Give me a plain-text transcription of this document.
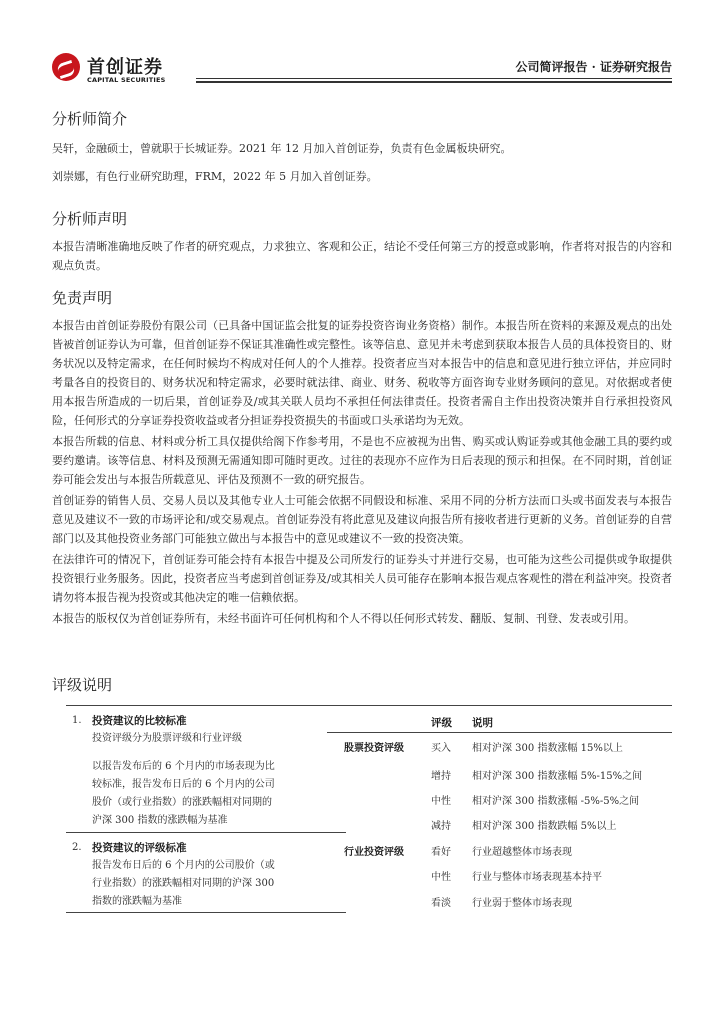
首创证券
CAPITAL SECURITIES
公司简评报告 · 证券研究报告
分析师简介

吴轩，金融硕士，曾就职于长城证券。2021 年 12 月加入首创证券，负责有色金属板块研究。

刘崇娜，有色行业研究助理，FRM，2022 年 5 月加入首创证券。

分析师声明

本报告清晰准确地反映了作者的研究观点，力求独立、客观和公正，结论不受任何第三方的授意或影响，作者将对报告的内容和观点负责。

免责声明

本报告由首创证券股份有限公司（已具备中国证监会批复的证券投资咨询业务资格）制作。本报告所在资料的来源及观点的出处皆被首创证券认为可靠，但首创证券不保证其准确性或完整性。该等信息、意见并未考虑到获取本报告人员的具体投资目的、财务状况以及特定需求，在任何时候均不构成对任何人的个人推荐。投资者应当对本报告中的信息和意见进行独立评估，并应同时考量各自的投资目的、财务状况和特定需求，必要时就法律、商业、财务、税收等方面咨询专业财务顾问的意见。对依据或者使用本报告所造成的一切后果，首创证券及/或其关联人员均不承担任何法律责任。投资者需自主作出投资决策并自行承担投资风险，任何形式的分享证券投资收益或者分担证券投资损失的书面或口头承诺均为无效。

本报告所载的信息、材料或分析工具仅提供给阁下作参考用，不是也不应被视为出售、购买或认购证券或其他金融工具的要约或要约邀请。该等信息、材料及预测无需通知即可随时更改。过往的表现亦不应作为日后表现的预示和担保。在不同时期，首创证券可能会发出与本报告所载意见、评估及预测不一致的研究报告。

首创证券的销售人员、交易人员以及其他专业人士可能会依据不同假设和标准、采用不同的分析方法而口头或书面发表与本报告意见及建议不一致的市场评论和/或交易观点。首创证券没有将此意见及建议向报告所有接收者进行更新的义务。首创证券的自营部门以及其他投资业务部门可能独立做出与本报告中的意见或建议不一致的投资决策。

在法律许可的情况下，首创证券可能会持有本报告中提及公司所发行的证券头寸并进行交易，也可能为这些公司提供或争取提供投资银行业务服务。因此，投资者应当考虑到首创证券及/或其相关人员可能存在影响本报告观点客观性的潜在利益冲突。投资者请勿将本报告视为投资或其他决定的唯一信赖依据。

本报告的版权仅为首创证券所有，未经书面许可任何机构和个人不得以任何形式转发、翻版、复制、刊登、发表或引用。

评级说明
1. 投资建议的比较标准
投资评级分为股票评级和行业评级
以报告发布后的 6 个月内的市场表现为比
较标准，报告发布日后的 6 个月内的公司
股价（或行业指数）的涨跌幅相对同期的
沪深 300 指数的涨跌幅为基准
2. 投资建议的评级标准
报告发布日后的 6 个月内的公司股价（或
行业指数）的涨跌幅相对同期的沪深 300
指数的涨跌幅为基准
评级 说明
股票投资评级	买入 相对沪深 300 指数涨幅 15%以上
增持 相对沪深 300 指数涨幅 5%-15%之间
中性 相对沪深 300 指数涨幅 -5%-5%之间
减持 相对沪深 300 指数跌幅 5%以上
行业投资评级	看好 行业超越整体市场表现
中性 行业与整体市场表现基本持平
看淡 行业弱于整体市场表现
